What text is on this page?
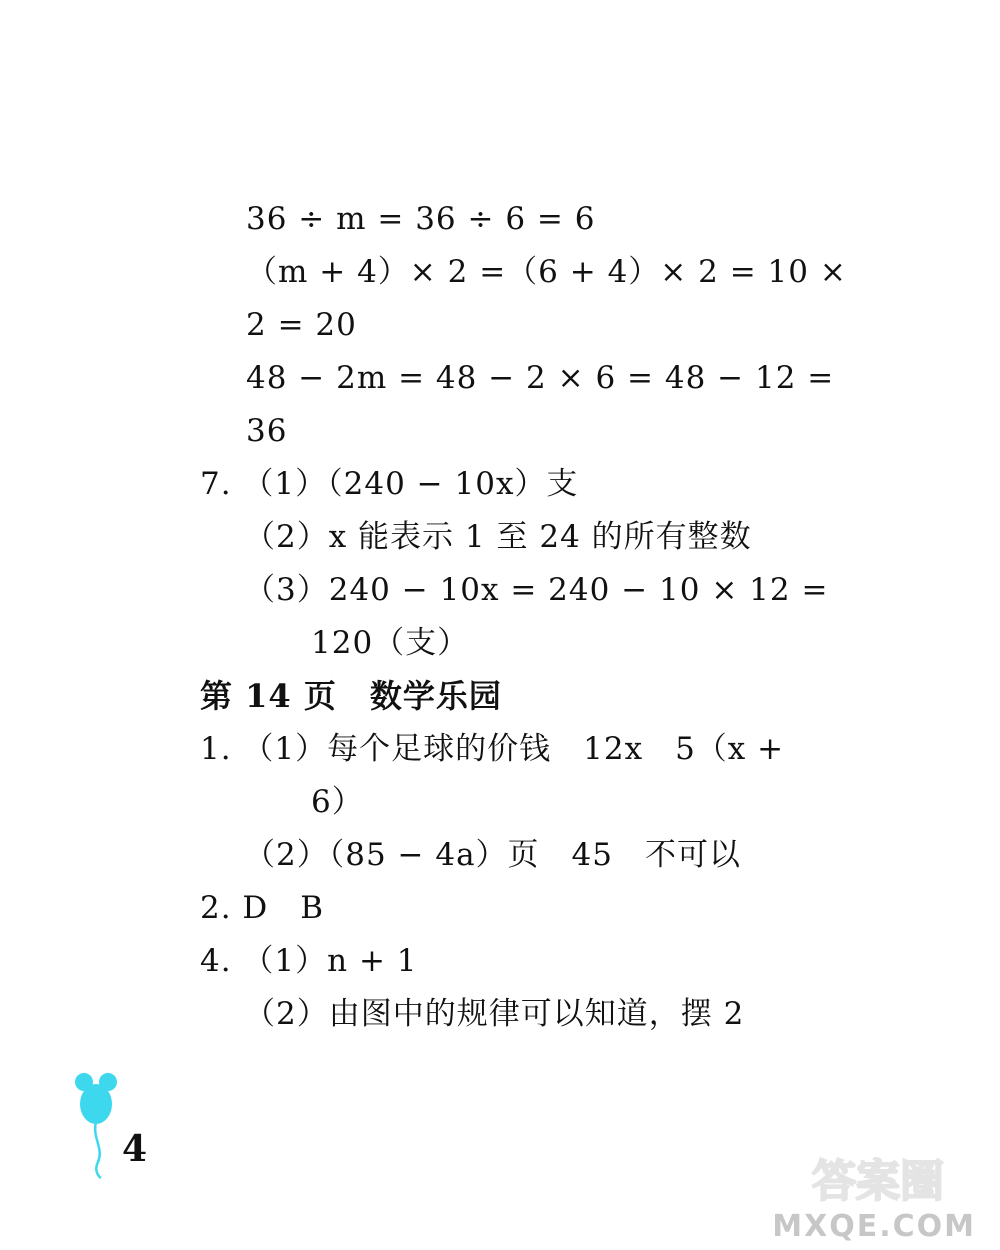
36 ÷ m = 36 ÷ 6 = 6
（m + 4）× 2 =（6 + 4）× 2 = 10 ×
2 = 20
48 − 2m = 48 − 2 × 6 = 48 − 12 =
36
7. （1）（240 − 10x）支
（2）x 能表示 1 至 24 的所有整数
（3）240 − 10x = 240 − 10 × 12 =
120（支）
第 14 页　数学乐园
1. （1）每个足球的价钱　12x　5（x +
6）
（2）（85 − 4a）页　45　不可以
2. D　B
4. （1）n + 1
（2）由图中的规律可以知道，摆 2
4
答案圈
MXQE.COM
